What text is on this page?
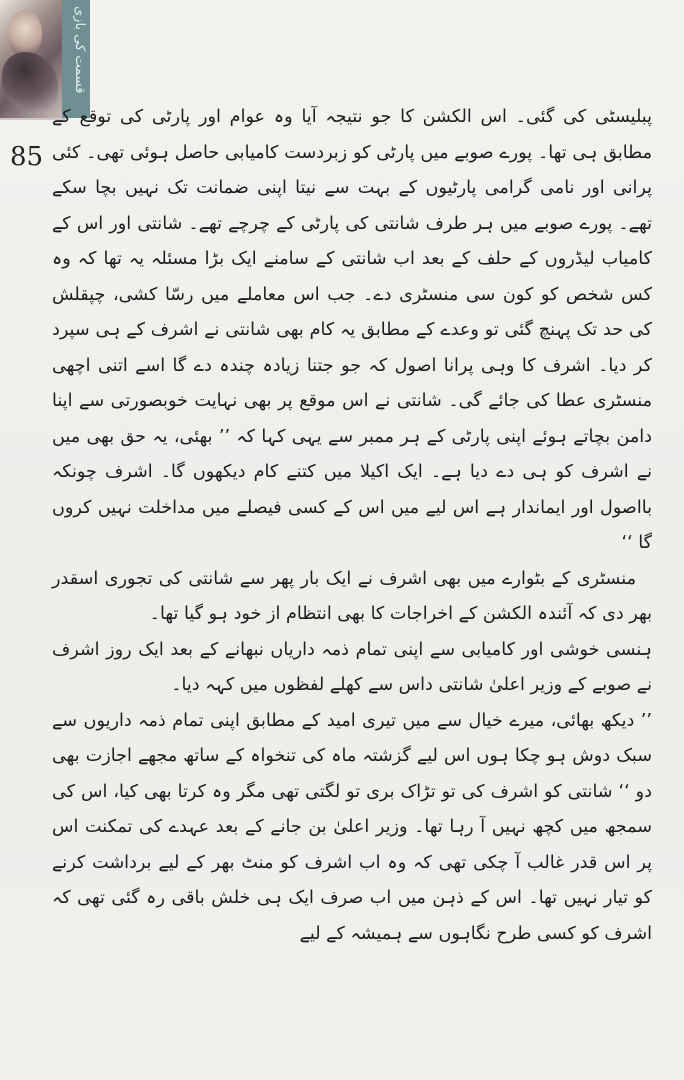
قسمت کی بازی
85

پبلیسٹی کی گئی۔ اس الکشن کا جو نتیجہ آیا وہ عوام اور پارٹی کی توقع کے مطابق ہی تھا۔ پورے صوبے میں پارٹی کو زبردست کامیابی حاصل ہوئی تھی۔ کئی پرانی اور نامی گرامی پارٹیوں کے بہت سے نیتا اپنی ضمانت تک نہیں بچا سکے تھے۔ پورے صوبے میں ہر طرف شانتی کی پارٹی کے چرچے تھے۔ شانتی اور اس کے کامیاب لیڈروں کے حلف کے بعد اب شانتی کے سامنے ایک بڑا مسئلہ یہ تھا کہ وہ کس شخص کو کون سی منسٹری دے۔ جب اس معاملے میں رسّا کشی، چپقلش کی حد تک پہنچ گئی تو وعدے کے مطابق یہ کام بھی شانتی نے اشرف کے ہی سپرد کر دیا۔ اشرف کا وہی پرانا اصول کہ جو جتنا زیادہ چندہ دے گا اسے اتنی اچھی منسٹری عطا کی جائے گی۔ شانتی نے اس موقع پر بھی نہایت خوبصورتی سے اپنا دامن بچاتے ہوئے اپنی پارٹی کے ہر ممبر سے یہی کہا کہ ’’ بھئی، یہ حق بھی میں نے اشرف کو ہی دے دیا ہے۔ ایک اکیلا میں کتنے کام دیکھوں گا۔ اشرف چونکہ بااصول اور ایماندار ہے اس لیے میں اس کے کسی فیصلے میں مداخلت نہیں کروں گا ‘‘

منسٹری کے بٹوارے میں بھی اشرف نے ایک بار پھر سے شانتی کی تجوری اسقدر بھر دی کہ آئندہ الکشن کے اخراجات کا بھی انتظام از خود ہو گیا تھا۔

ہنسی خوشی اور کامیابی سے اپنی تمام ذمہ داریاں نبھانے کے بعد ایک روز اشرف نے صوبے کے وزیر اعلیٰ شانتی داس سے کھلے لفظوں میں کہہ دیا۔

’’ دیکھ بھائی، میرے خیال سے میں تیری امید کے مطابق اپنی تمام ذمہ داریوں سے سبک دوش ہو چکا ہوں اس لیے گزشتہ ماہ کی تنخواہ کے ساتھ مجھے اجازت بھی دو ‘‘ شانتی کو اشرف کی تو تڑاک بری تو لگتی تھی مگر وہ کرتا بھی کیا، اس کی سمجھ میں کچھ نہیں آ رہا تھا۔ وزیر اعلیٰ بن جانے کے بعد عہدے کی تمکنت اس پر اس قدر غالب آ چکی تھی کہ وہ اب اشرف کو منٹ بھر کے لیے برداشت کرنے کو تیار نہیں تھا۔ اس کے ذہن میں اب صرف ایک ہی خلش باقی رہ گئی تھی کہ اشرف کو کسی طرح نگاہوں سے ہمیشہ کے لیے
